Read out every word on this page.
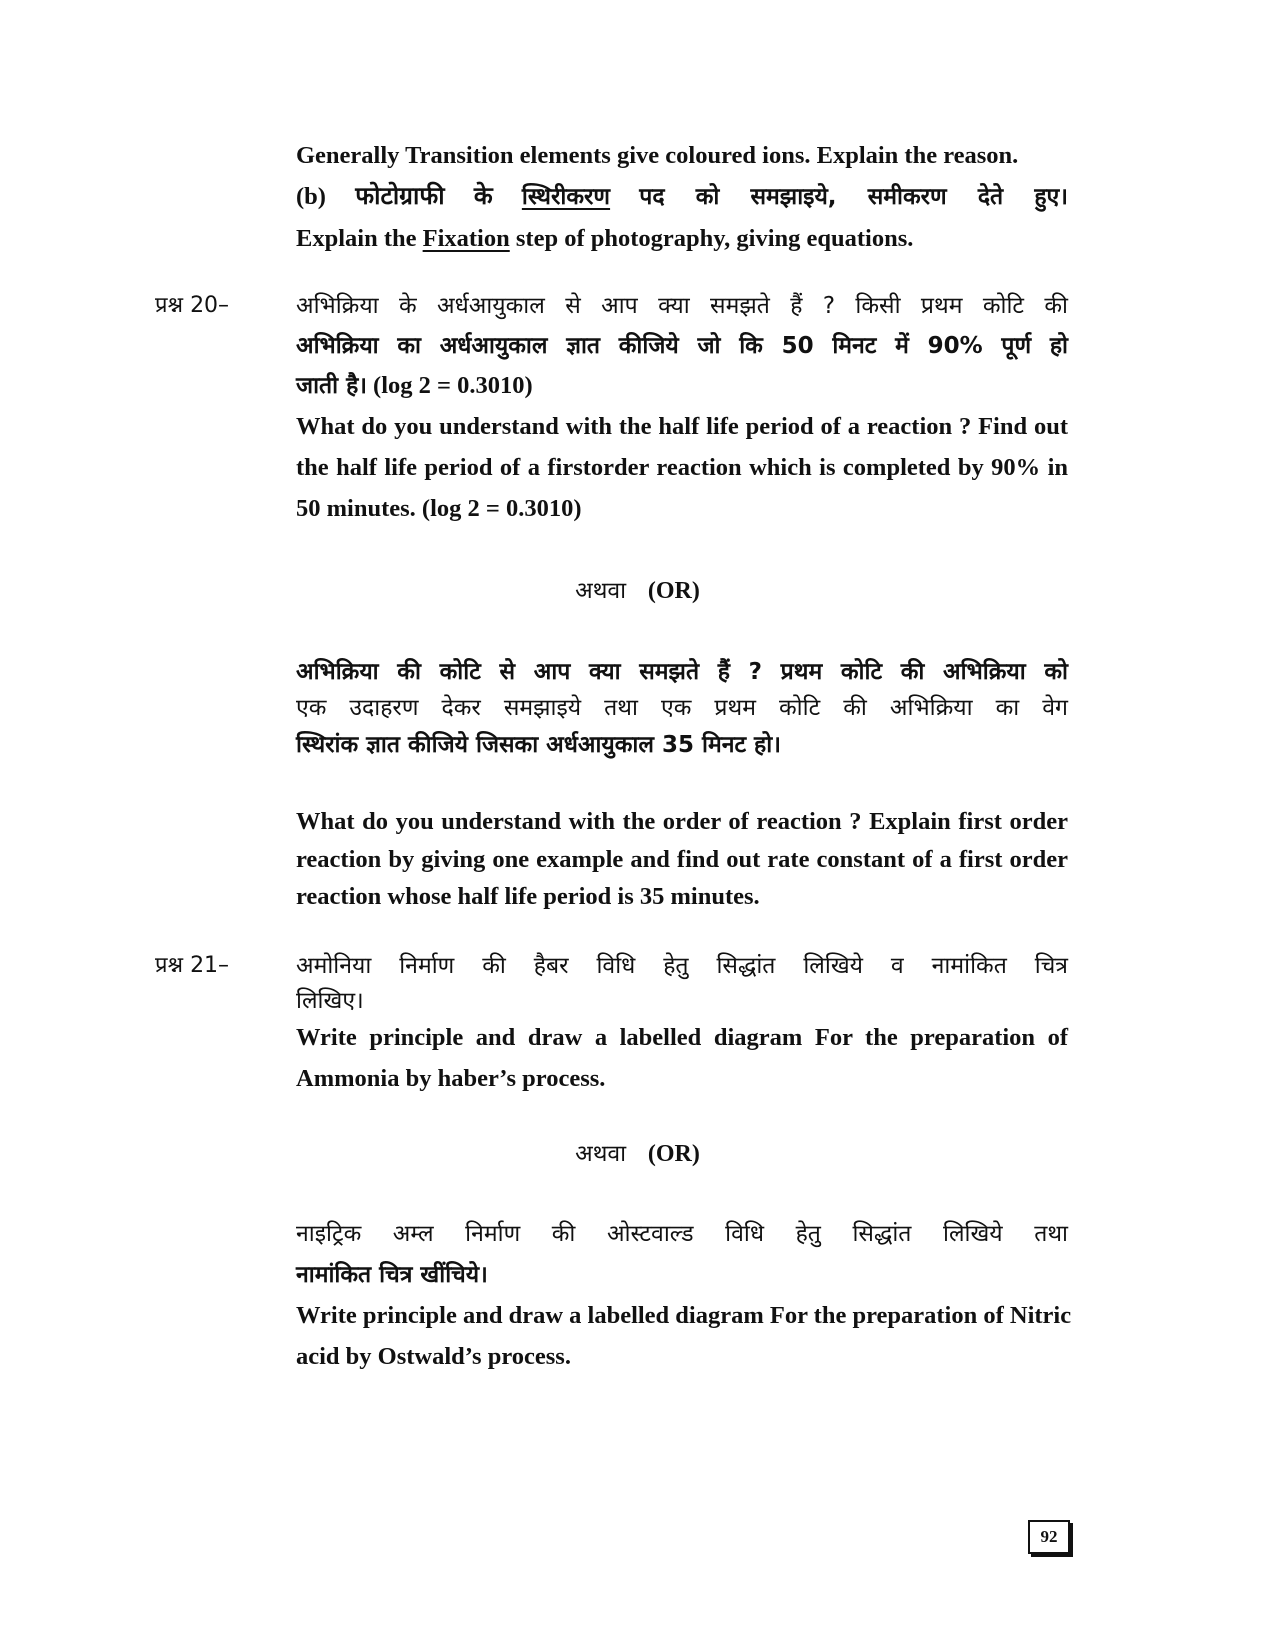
Generally Transition elements give coloured ions. Explain the reason.

(b) फोटोग्राफी के स्थिरीकरण पद को समझाइये, समीकरण देते हुए।

Explain the Fixation step of photography, giving equations.

प्रश्न 20–	अभिक्रिया के अर्धआयुकाल से आप क्या समझते हैं ? किसी प्रथम कोटि की

अभिक्रिया का अर्धआयुकाल ज्ञात कीजिये जो कि 50 मिनट में 90% पूर्ण हो

जाती है। (log 2 = 0.3010)

What do you understand with the half life period of a reaction ? Find out

the half life period of a firstorder reaction which is completed by 90% in

50 minutes. (log 2 = 0.3010)

अथवा (OR)

अभिक्रिया की कोटि से आप क्या समझते हैं ? प्रथम कोटि की अभिक्रिया को

एक उदाहरण देकर समझाइये तथा एक प्रथम कोटि की अभिक्रिया का वेग

स्थिरांक ज्ञात कीजिये जिसका अर्धआयुकाल 35 मिनट हो।

What do you understand with the order of reaction ? Explain first order

reaction by giving one example and find out rate constant of a first order

reaction whose half life period is 35 minutes.

प्रश्न 21–	अमोनिया निर्माण की हैबर विधि हेतु सिद्धांत लिखिये व नामांकित चित्र

लिखिए।

Write principle and draw a labelled diagram For the preparation of

Ammonia by haber’s process.

अथवा (OR)

नाइट्रिक अम्ल निर्माण की ओस्टवाल्ड विधि हेतु सिद्धांत लिखिये तथा

नामांकित चित्र खींचिये।

Write principle and draw a labelled diagram For the preparation of Nitric

acid by Ostwald’s process.

92
